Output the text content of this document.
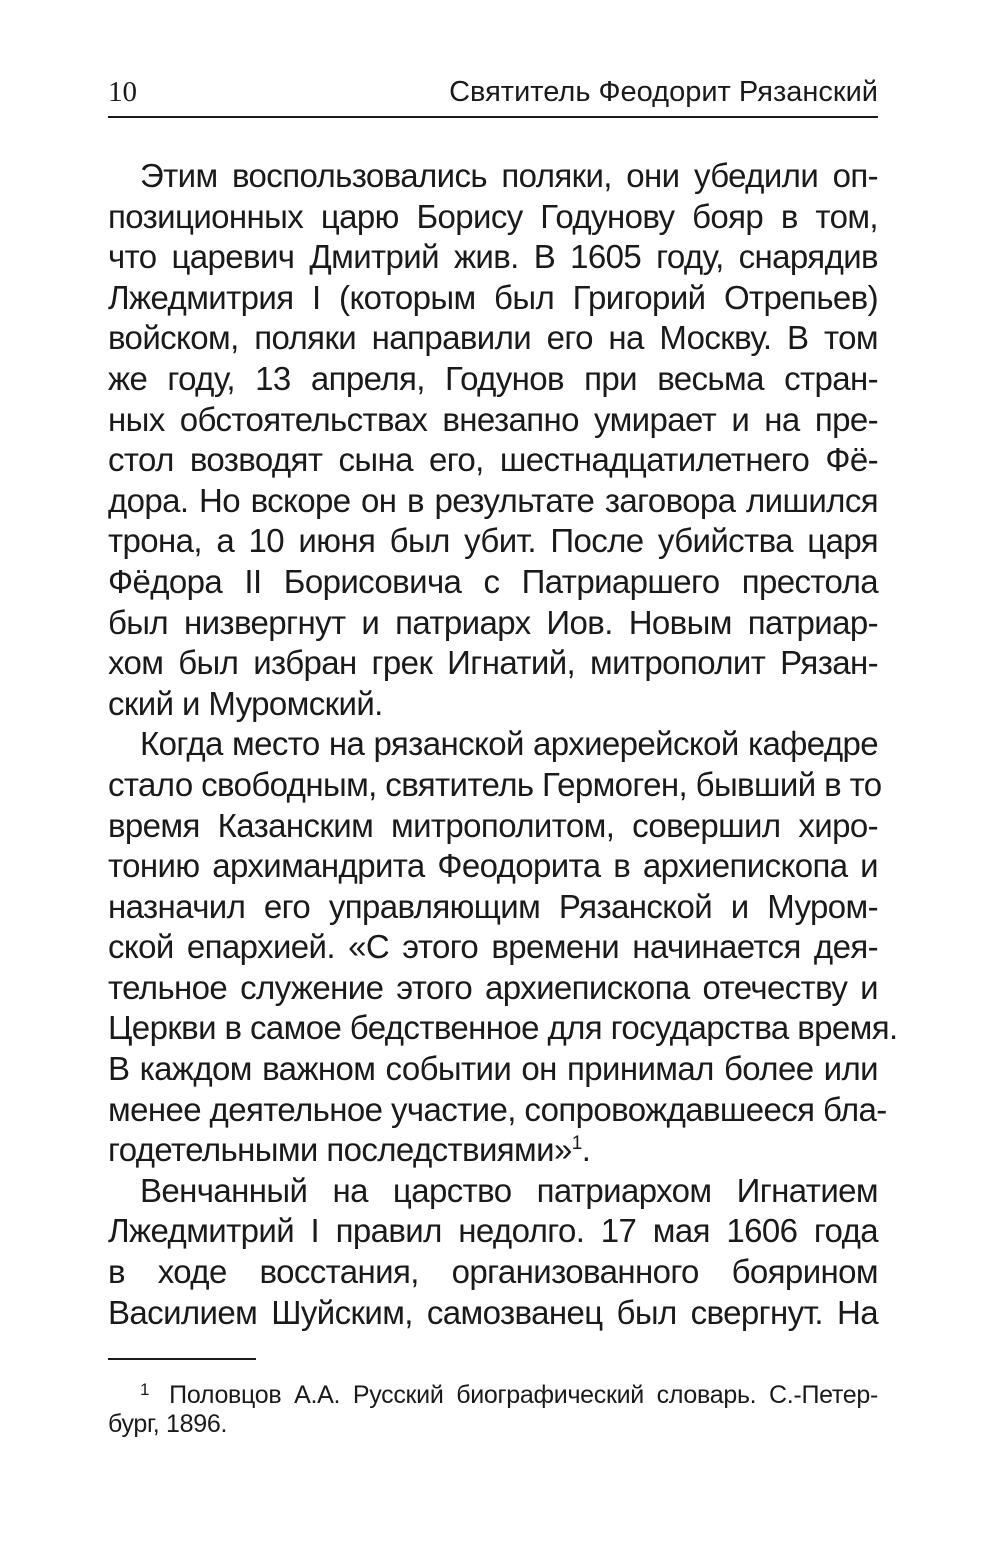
10	Святитель Феодорит Рязанский
Этим воспользовались поляки, они убедили оп-
позиционных царю Борису Годунову бояр в том,
что царевич Дмитрий жив. В 1605 году, снарядив
Лжедмитрия I (которым был Григорий Отрепьев)
войском, поляки направили его на Москву. В том
же году, 13 апреля, Годунов при весьма стран-
ных обстоятельствах внезапно умирает и на пре-
стол возводят сына его, шестнадцатилетнего Фё-
дора. Но вскоре он в результате заговора лишился
трона, а 10 июня был убит. После убийства царя
Фёдора II Борисовича с Патриаршего престола
был низвергнут и патриарх Иов. Новым патриар-
хом был избран грек Игнатий, митрополит Рязан-
ский и Муромский.
Когда место на рязанской архиерейской кафедре
стало свободным, святитель Гермоген, бывший в то
время Казанским митрополитом, совершил хиро-
тонию архимандрита Феодорита в архиепископа и
назначил его управляющим Рязанской и Муром-
ской епархией. «С этого времени начинается дея-
тельное служение этого архиепископа отечеству и
Церкви в самое бедственное для государства время.
В каждом важном событии он принимал более или
менее деятельное участие, сопровождавшееся бла-
годетельными последствиями»$^1$.
Венчанный на царство патриархом Игнатием
Лжедмитрий I правил недолго. 17 мая 1606 года
в ходе восстания, организованного боярином
Василием Шуйским, самозванец был свергнут. На
$^1$ Половцов А.А. Русский биографический словарь. С.-Петер-
бург, 1896.
